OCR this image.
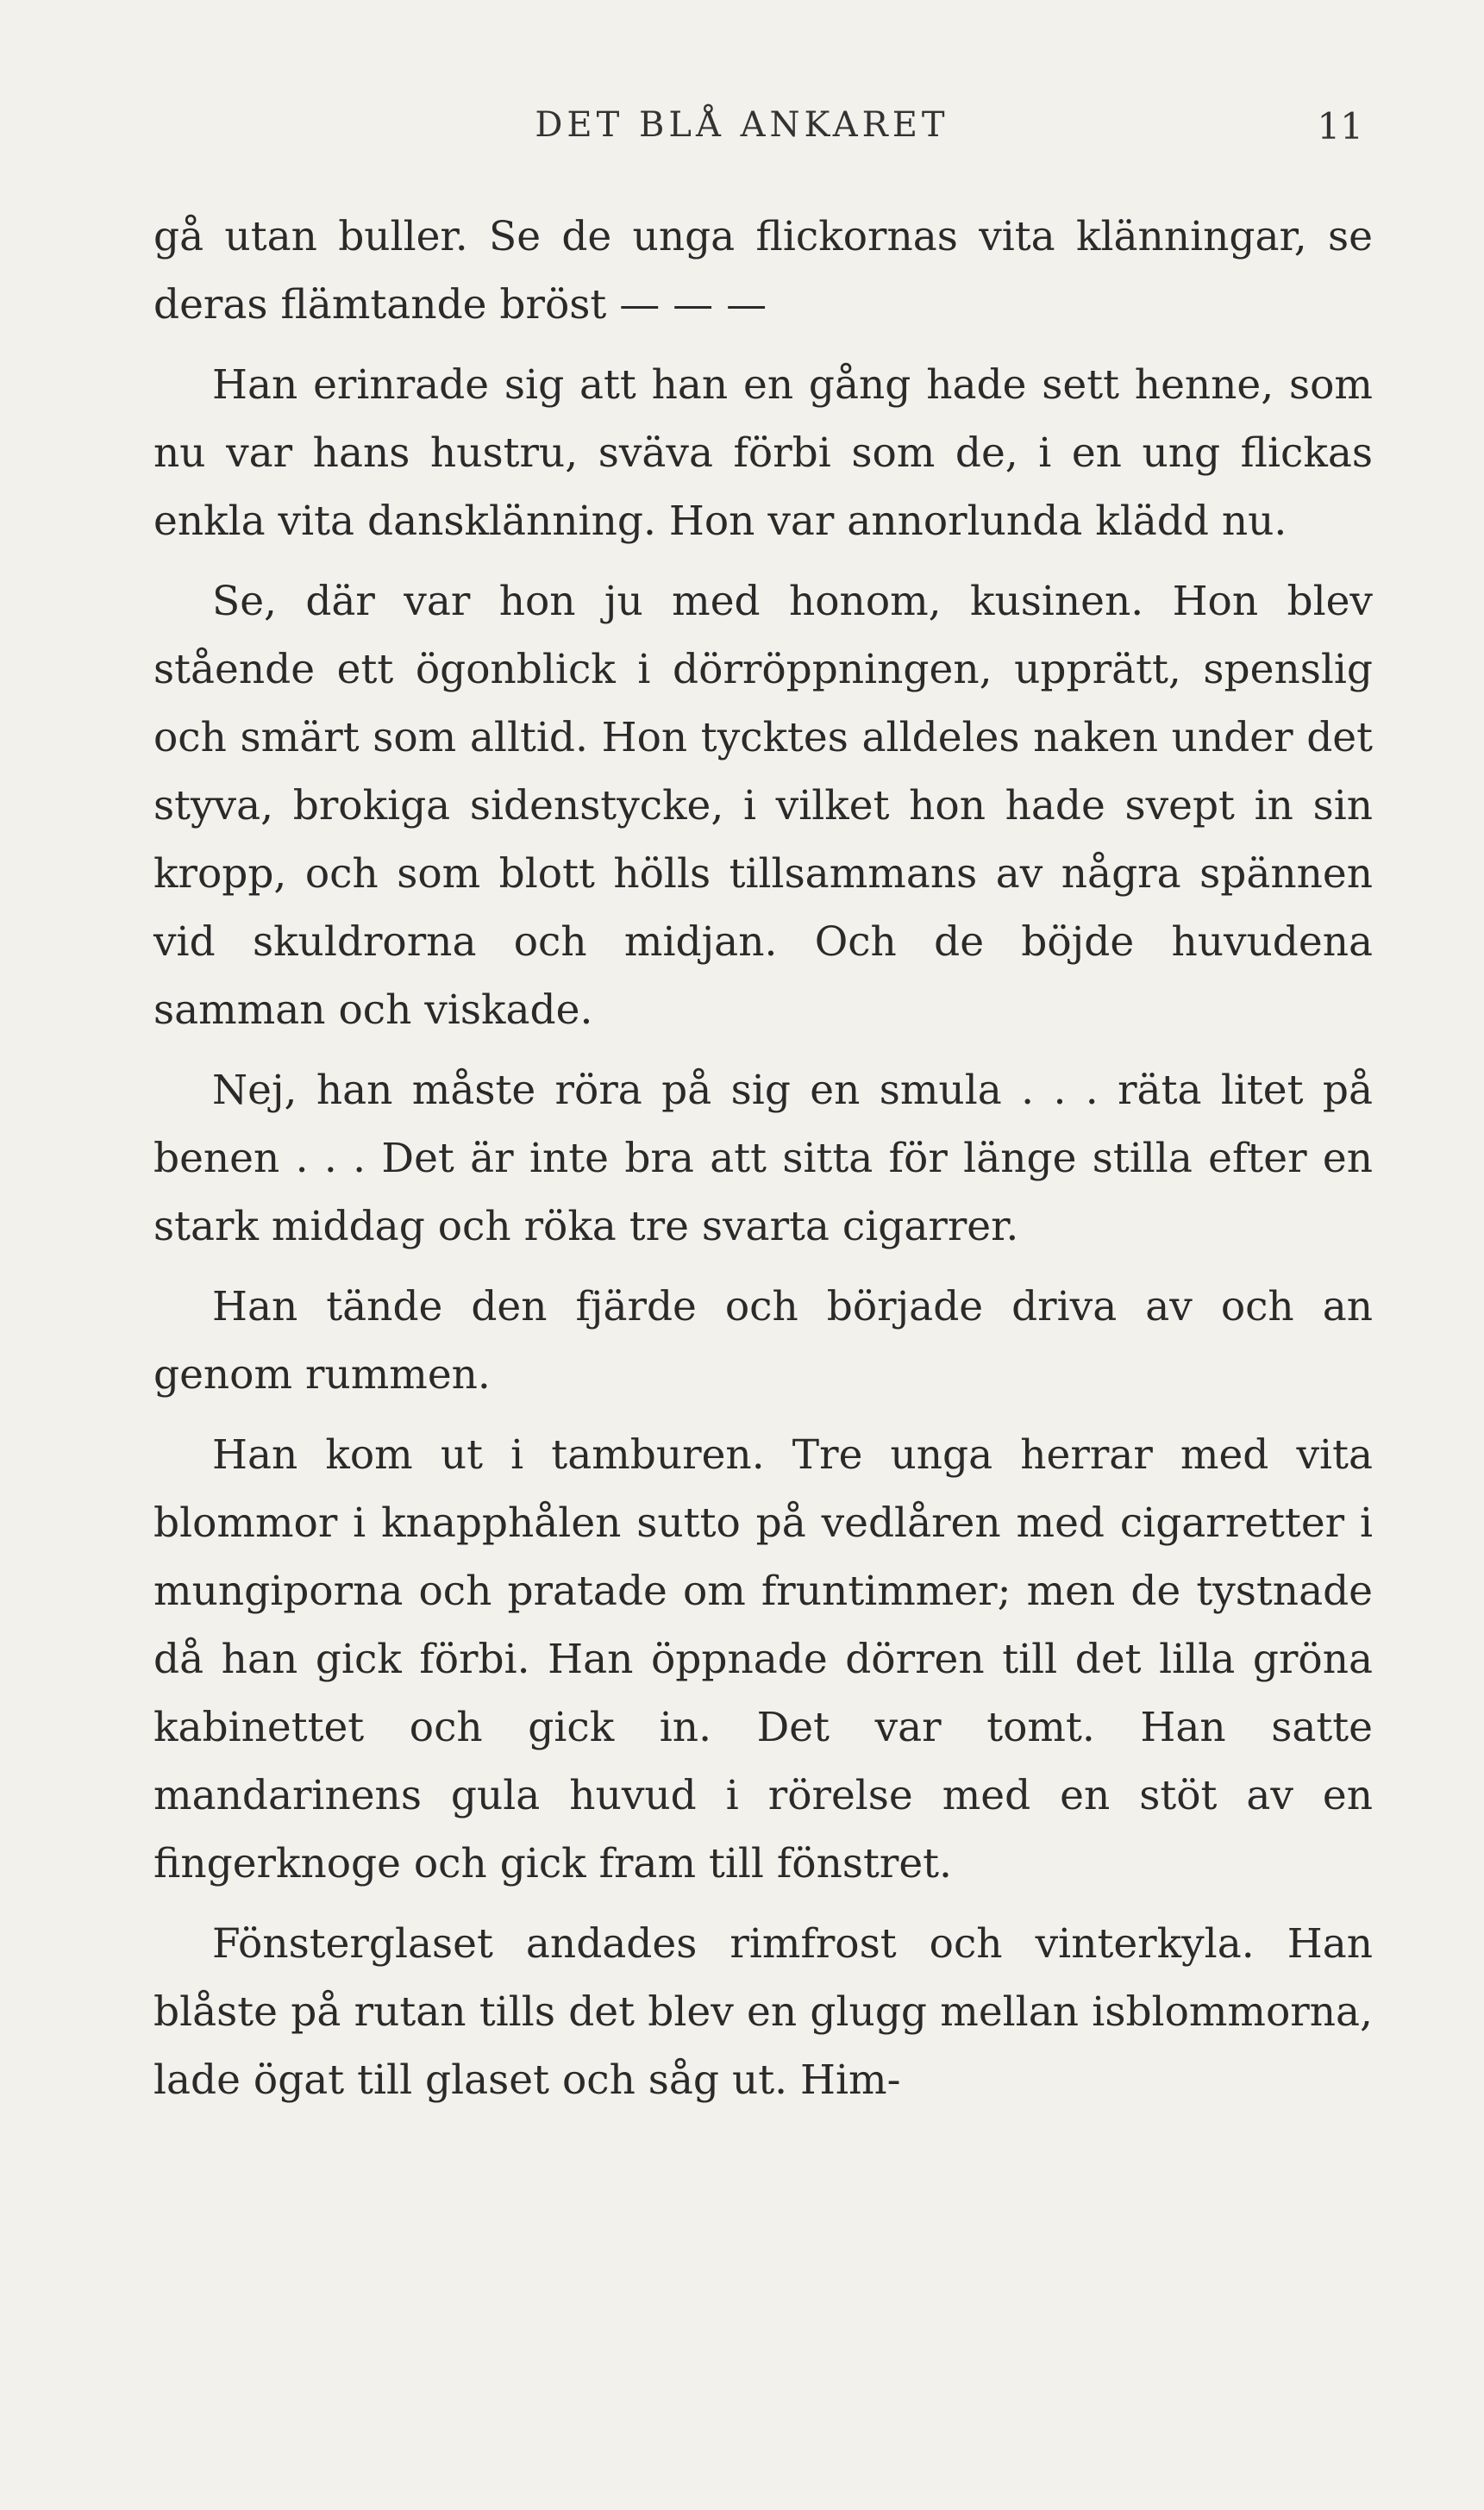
DET BLÅ ANKARET	11

gå utan buller. Se de unga flickornas vita klänningar, se deras flämtande bröst — — —

Han erinrade sig att han en gång hade sett henne, som nu var hans hustru, sväva förbi som de, i en ung flickas enkla vita dansklänning. Hon var annorlunda klädd nu.

Se, där var hon ju med honom, kusinen. Hon blev stående ett ögonblick i dörröppningen, upprätt, spenslig och smärt som alltid. Hon tycktes alldeles naken under det styva, brokiga sidenstycke, i vilket hon hade svept in sin kropp, och som blott hölls tillsammans av några spännen vid skuldrorna och midjan. Och de böjde huvudena samman och viskade.

Nej, han måste röra på sig en smula . . . räta litet på benen . . . Det är inte bra att sitta för länge stilla efter en stark middag och röka tre svarta cigarrer.

Han tände den fjärde och började driva av och an genom rummen.

Han kom ut i tamburen. Tre unga herrar med vita blommor i knapphålen sutto på vedlåren med cigarretter i mungiporna och pratade om fruntimmer; men de tystnade då han gick förbi. Han öppnade dörren till det lilla gröna kabinettet och gick in. Det var tomt. Han satte mandarinens gula huvud i rörelse med en stöt av en fingerknoge och gick fram till fönstret.

Fönsterglaset andades rimfrost och vinterkyla. Han blåste på rutan tills det blev en glugg mellan isblommorna, lade ögat till glaset och såg ut. Him-
